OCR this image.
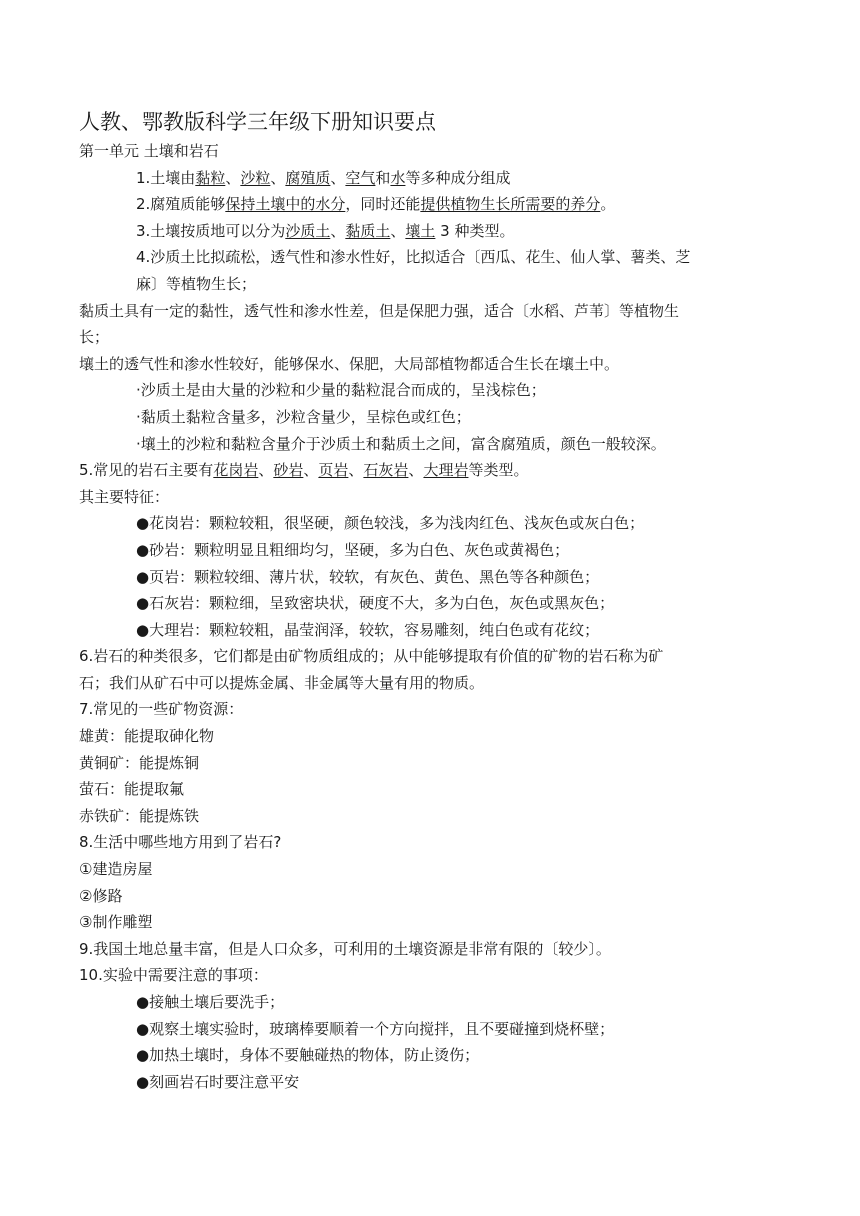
人教、鄂教版科学三年级下册知识要点
第一单元 土壤和岩石
1.土壤由黏粒、沙粒、腐殖质、空气和水等多种成分组成
2.腐殖质能够保持土壤中的水分，同时还能提供植物生长所需要的养分。
3.土壤按质地可以分为沙质土、黏质土、壤土 3 种类型。
4.沙质土比拟疏松，透气性和渗水性好，比拟适合〔西瓜、花生、仙人掌、薯类、芝
麻〕等植物生长；
黏质土具有一定的黏性，透气性和渗水性差，但是保肥力强，适合〔水稻、芦苇〕等植物生
长；
壤土的透气性和渗水性较好，能够保水、保肥，大局部植物都适合生长在壤土中。
·沙质土是由大量的沙粒和少量的黏粒混合而成的，呈浅棕色；
·黏质土黏粒含量多，沙粒含量少，呈棕色或红色；
·壤土的沙粒和黏粒含量介于沙质土和黏质土之间，富含腐殖质，颜色一般较深。
5.常见的岩石主要有花岗岩、砂岩、页岩、石灰岩、大理岩等类型。
其主要特征：
●花岗岩：颗粒较粗，很坚硬，颜色较浅，多为浅肉红色、浅灰色或灰白色；
●砂岩：颗粒明显且粗细均匀，坚硬，多为白色、灰色或黄褐色；
●页岩：颗粒较细、薄片状，较软，有灰色、黄色、黑色等各种颜色；
●石灰岩：颗粒细，呈致密块状，硬度不大，多为白色，灰色或黑灰色；
●大理岩：颗粒较粗，晶莹润泽，较软，容易雕刻，纯白色或有花纹；
6.岩石的种类很多，它们都是由矿物质组成的；从中能够提取有价值的矿物的岩石称为矿
石；我们从矿石中可以提炼金属、非金属等大量有用的物质。
7.常见的一些矿物资源：
雄黄：能提取砷化物
黄铜矿：能提炼铜
萤石：能提取氟
赤铁矿：能提炼铁
8.生活中哪些地方用到了岩石?
①建造房屋
②修路
③制作雕塑
9.我国土地总量丰富，但是人口众多，可利用的土壤资源是非常有限的〔较少〕。
10.实验中需要注意的事项：
●接触土壤后要洗手；
●观察土壤实验时，玻璃棒要顺着一个方向搅拌，且不要碰撞到烧杯壁；
●加热土壤时，身体不要触碰热的物体，防止烫伤；
●刻画岩石时要注意平安
